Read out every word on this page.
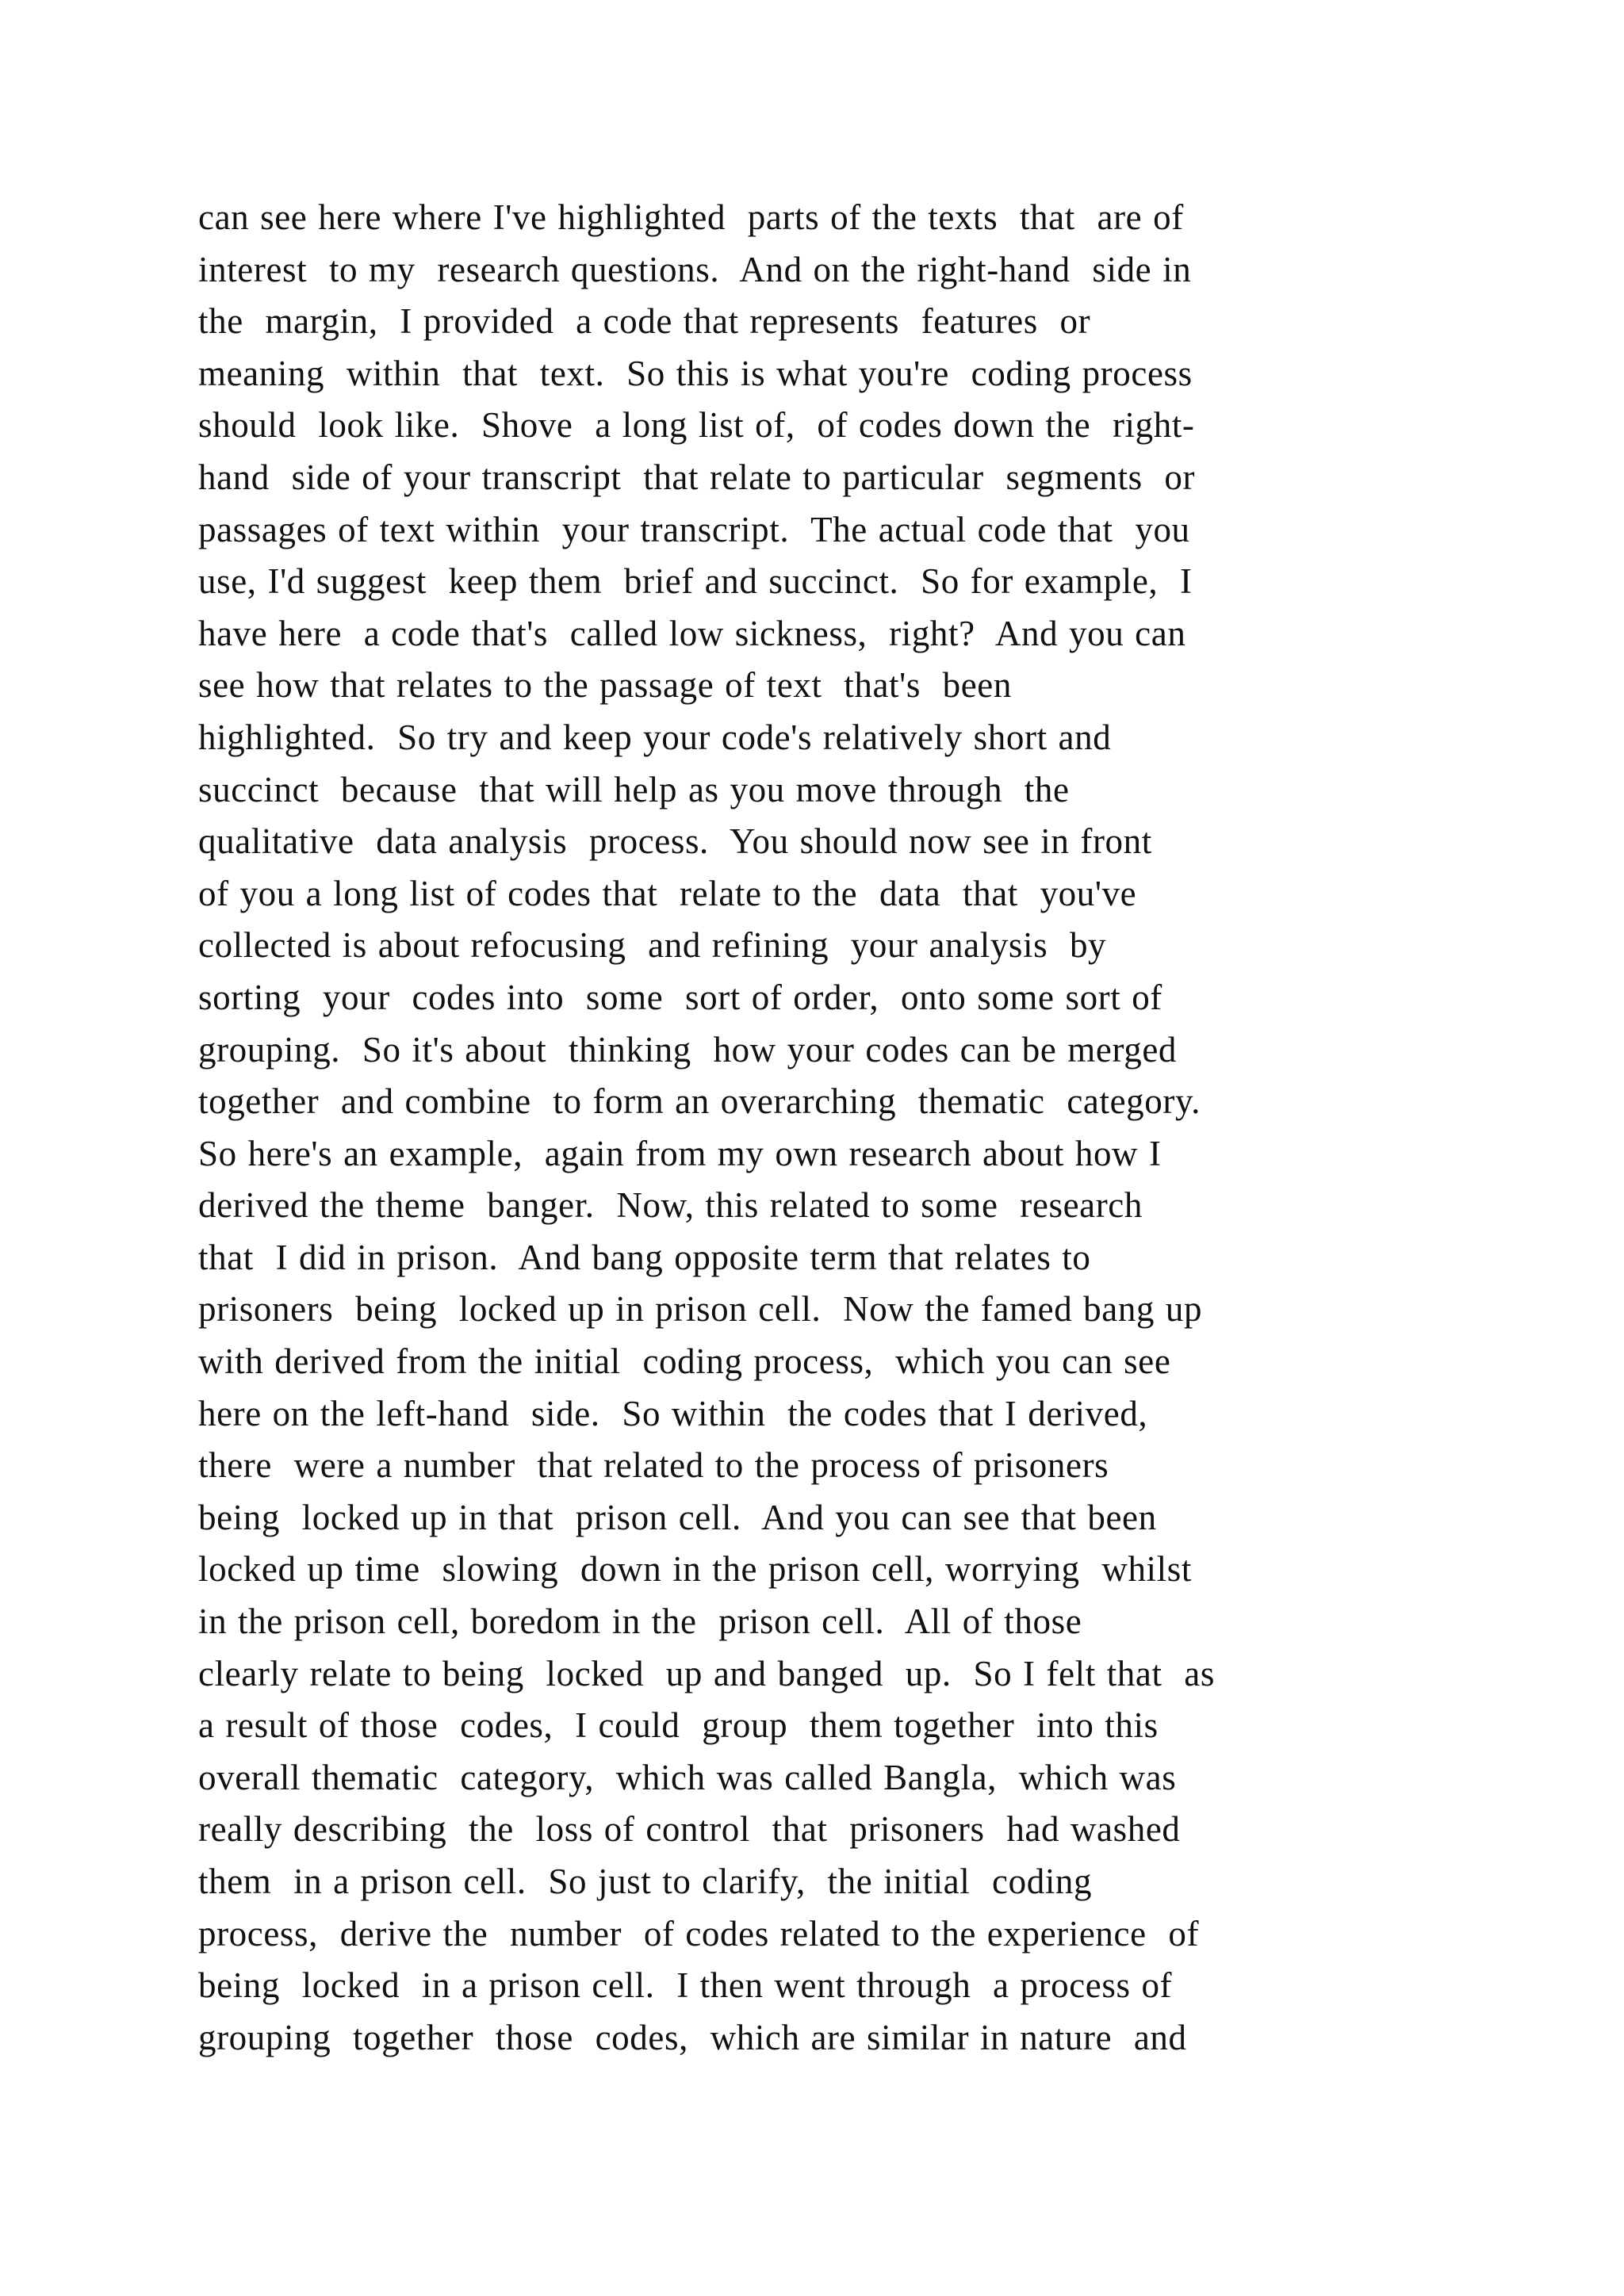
can see here where I've highlighted  parts of the texts  that  are of
interest  to my  research questions.  And on the right-hand  side in
the  margin,  I provided  a code that represents  features  or
meaning  within  that  text.  So this is what you're  coding process
should  look like.  Shove  a long list of,  of codes down the  right-
hand  side of your transcript  that relate to particular  segments  or
passages of text within  your transcript.  The actual code that  you
use, I'd suggest  keep them  brief and succinct.  So for example,  I
have here  a code that's  called low sickness,  right?  And you can
see how that relates to the passage of text  that's  been
highlighted.  So try and keep your code's relatively short and
succinct  because  that will help as you move through  the
qualitative  data analysis  process.  You should now see in front
of you a long list of codes that  relate to the  data  that  you've
collected is about refocusing  and refining  your analysis  by
sorting  your  codes into  some  sort of order,  onto some sort of
grouping.  So it's about  thinking  how your codes can be merged
together  and combine  to form an overarching  thematic  category.
So here's an example,  again from my own research about how I
derived the theme  banger.  Now, this related to some  research
that  I did in prison.  And bang opposite term that relates to
prisoners  being  locked up in prison cell.  Now the famed bang up
with derived from the initial  coding process,  which you can see
here on the left-hand  side.  So within  the codes that I derived,
there  were a number  that related to the process of prisoners
being  locked up in that  prison cell.  And you can see that been
locked up time  slowing  down in the prison cell, worrying  whilst
in the prison cell, boredom in the  prison cell.  All of those
clearly relate to being  locked  up and banged  up.  So I felt that  as
a result of those  codes,  I could  group  them together  into this
overall thematic  category,  which was called Bangla,  which was
really describing  the  loss of control  that  prisoners  had washed
them  in a prison cell.  So just to clarify,  the initial  coding
process,  derive the  number  of codes related to the experience  of
being  locked  in a prison cell.  I then went through  a process of
grouping  together  those  codes,  which are similar in nature  and
